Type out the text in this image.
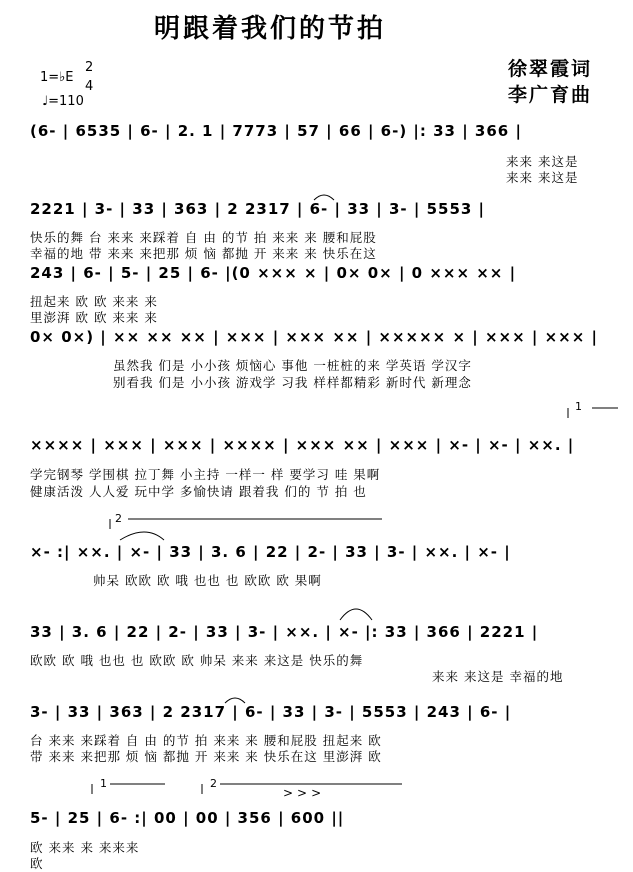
明跟着我们的节拍
徐翠霞词
李广育曲
1=♭E
2
4
♩=110
(6- | 6535 | 6- | 2. 1 | 7773 | 57 | 66 | 6-) |: 33 | 366 |
来来 来这是
来来 来这是
2221 | 3- | 33 | 363 | 2 2317 | 6- | 33 | 3- | 5553 |
快乐的舞 台 来来 来踩着 自 由 的节 拍 来来 来 腰和屁股
幸福的地 带 来来 来把那 烦 恼 都抛 开 来来 来 快乐在这
243 | 6- | 5- | 25 | 6- |(0 ××× × | 0× 0× | 0 ××× ×× |
扭起来 欧 欧 来来 来
里澎湃 欧 欧 来来 来
0× 0×) | ×× ×× ×× | ××× | ××× ×× | ××××× × | ××× | ××× |
虽然我 们是 小小孩 烦恼心 事他 一桩桩的来 学英语 学汉字
别看我 们是 小小孩 游戏学 习我 样样都精彩 新时代 新理念
1
×××× | ××× | ××× | ×××× | ××× ×× | ××× | ×- | ×- | ××. |
学完钢琴 学围棋 拉丁舞 小主持 一样一 样 要学习 哇 果啊
健康活泼 人人爱 玩中学 多愉快请 跟着我 们的 节 拍 也
2
×- :| ××. | ×- | 33 | 3. 6 | 22 | 2- | 33 | 3- | ××. | ×- |
帅呆 欧欧 欧 哦 也也 也 欧欧 欧 果啊
33 | 3. 6 | 22 | 2- | 33 | 3- | ××. | ×- |: 33 | 366 | 2221 |
欧欧 欧 哦 也也 也 欧欧 欧 帅呆 来来 来这是 快乐的舞
来来 来这是 幸福的地
3- | 33 | 363 | 2 2317 | 6- | 33 | 3- | 5553 | 243 | 6- |
台 来来 来踩着 自 由 的节 拍 来来 来 腰和屁股 扭起来 欧
带 来来 来把那 烦 恼 都抛 开 来来 来 快乐在这 里澎湃 欧
1	2
>>>
5- | 25 | 6- :| 00 | 00 | 356 | 600 ||
欧 来来 来 来来来
欧
